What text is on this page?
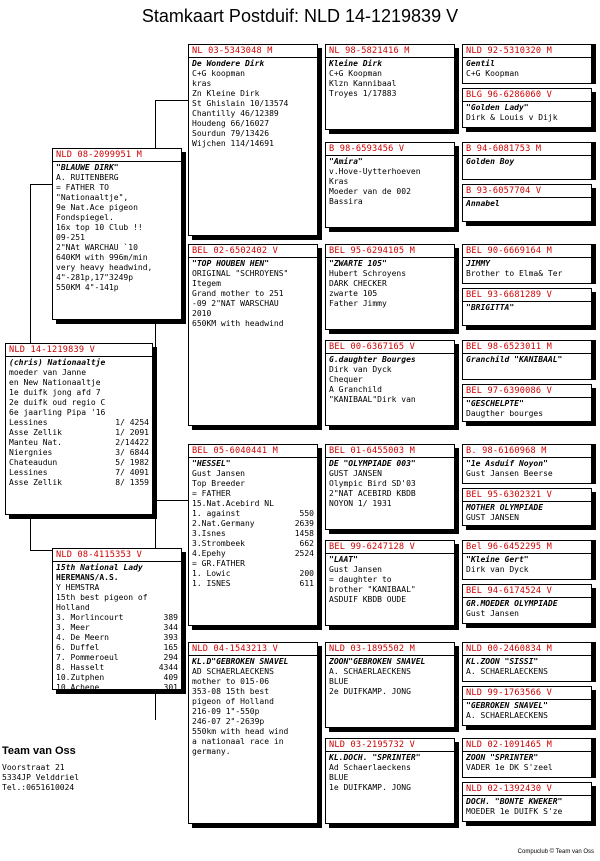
Stamkaart Postduif: NLD 14-1219839 V
NLD 14-1219839 V
(chris) Nationaaltje
moeder van Janne
en New Nationaaltje
1e duifk jong afd 7
2e duifk oud regio C
6e jaarling Pipa '16
Lessines	1/ 4254
Asse Zellik	1/ 2091
Manteu Nat.	2/14422
Niergnies	3/ 6844
Chateaudun	5/ 1982
Lessines	7/ 4091
Asse Zellik	8/ 1359
NLD 08-2099951 M
"BLAUWE DIRK"
A. RUITENBERG
= FATHER TO
"Nationaaltje",
9e Nat.Ace pigeon
Fondspiegel.
16x top 10 Club !!
09-251
2"NAt WARCHAU `10
640KM with 996m/min
very heavy headwind,
4"-281p,17"3249p
550KM 4"-141p
NLD 08-4115353 V
15th National Lady
HEREMANS/A.S.
Y HEMSTRA
15th best pigeon of
Holland
3. Morlincourt	389
3. Meer	344
4. De Meern	393
6. Duffel	165
7. Pommeroeul	294
8. Hasselt	4344
10.Zutphen	409
10.Achene	301
NL 03-5343048 M
De Wondere Dirk
C+G koopman
kras
Zn Kleine Dirk
St Ghislain 10/13574
Chantilly 46/12389
Houdeng 66/16027
Sourdun 79/13426
Wijchen 114/14691
BEL 02-6502402 V
"TOP HOUBEN HEN"
ORIGINAL "SCHROYENS"
Itegem
Grand mother to 251
-09 2"NAT WARSCHAU
2010
650KM with headwind
BEL 05-6040441 M
"HESSEL"
Gust Jansen
Top Breeder
= FATHER
15.Nat.Acebird NL
1. against	550
2.Nat.Germany	2639
3.Isnes	1458
3.Strombeek	662
4.Epehy	2524
= GR.FATHER
1. Lowic	200
1. ISNES	611
NLD 04-1543213 V
KL.D"GEBROKEN SNAVEL
AD SCHAERLAECKENS
mother to 015-06
353-08 15th best
pigeon of Holland
216-09 1"-550p
246-07 2"-2639p
550km with head wind
a nationaal race in
germany.
NL 98-5821416 M
Kleine Dirk
C+G Koopman
Klzn Kannibaal
Troyes 1/17883
B 98-6593456 V
"Amira"
v.Hove-Uytterhoeven
Kras
Moeder van de 002
Bassira
BEL 95-6294105 M
"ZWARTE 105"
Hubert Schroyens
DARK CHECKER
zwarte 105
Father Jimmy
BEL 00-6367165 V
G.daughter Bourges
Dirk van Dyck
Chequer
A Granchild
"KANIBAAL"Dirk van
BEL 01-6455003 M
DE "OLYMPIADE 003"
GUST JANSEN
Olympic Bird SD'03
2"NAT ACEBIRD KBDB
NOYON 1/ 1931
BEL 99-6247128 V
"LAAT"
Gust Jansen
= daughter to
brother "KANIBAAL"
ASDUIF KBDB OUDE
NLD 03-1895502 M
ZOON"GEBROKEN SNAVEL
A. SCHAERLAECKENS
BLUE
2e DUIFKAMP. JONG
NLD 03-2195732 V
KL.DOCH. "SPRINTER"
Ad Schaerlaeckens
BLUE
1e DUIFKAMP. JONG
NLD 92-5310320 M
Gentil
C+G Koopman
BLG 96-6286060 V
"Golden Lady"
Dirk & Louis v Dijk
B 94-6081753 M
Golden Boy
B 93-6057704 V
Annabel
BEL 90-6669164 M
JIMMY
Brother to Elma& Ter
BEL 93-6681289 V
"BRIGITTA"
BEL 98-6523011 M
Granchild "KANIBAAL"
BEL 97-6390086 V
"GESCHELPTE"
Daugther bourges
B. 98-6160968 M
"1e Asduif Noyon"
Gust Jansen Beerse
BEL 95-6302321 V
MOTHER OLYMPIADE
GUST JANSEN
Bel 96-6452295 M
"Kleine Gert"
Dirk van Dyck
BEL 94-6174524 V
GR.MOEDER OLYMPIADE
Gust Jansen
NLD 00-2460834 M
KL.ZOON "SISSI"
A. SCHAERLAECKENS
NLD 99-1763566 V
"GEBROKEN SNAVEL"
A. SCHAERLAECKENS
NLD 02-1091465 M
ZOON "SPRINTER"
VADER 1e DK S'zeel
NLD 02-1392430 V
DOCH. "BONTE KWEKER"
MOEDER 1e DUIFK S'ze
Team van Oss
Voorstraat 21
5334JP Velddriel
Tel.:0651610024
Compuclub © Team van Oss
